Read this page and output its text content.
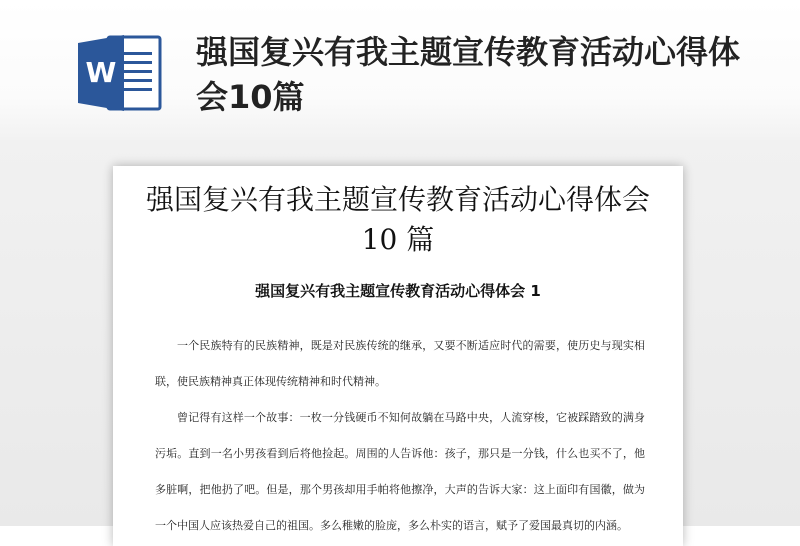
W
强国复兴有我主题宣传教育活动心得体会10篇
强国复兴有我主题宣传教育活动心得体会 10 篇
强国复兴有我主题宣传教育活动心得体会 1

一个民族特有的民族精神，既是对民族传统的继承，又要不断适应时代的需要，使历史与现实相联，使民族精神真正体现传统精神和时代精神。

曾记得有这样一个故事：一枚一分钱硬币不知何故躺在马路中央，人流穿梭，它被踩踏致的满身污垢。直到一名小男孩看到后将他捡起。周围的人告诉他：孩子，那只是一分钱，什么也买不了，他多脏啊，把他扔了吧。但是，那个男孩却用手帕将他擦净，大声的告诉大家：这上面印有国徽，做为一个中国人应该热爱自己的祖国。多么稚嫩的脸庞，多么朴实的语言，赋予了爱国最真切的内涵。
